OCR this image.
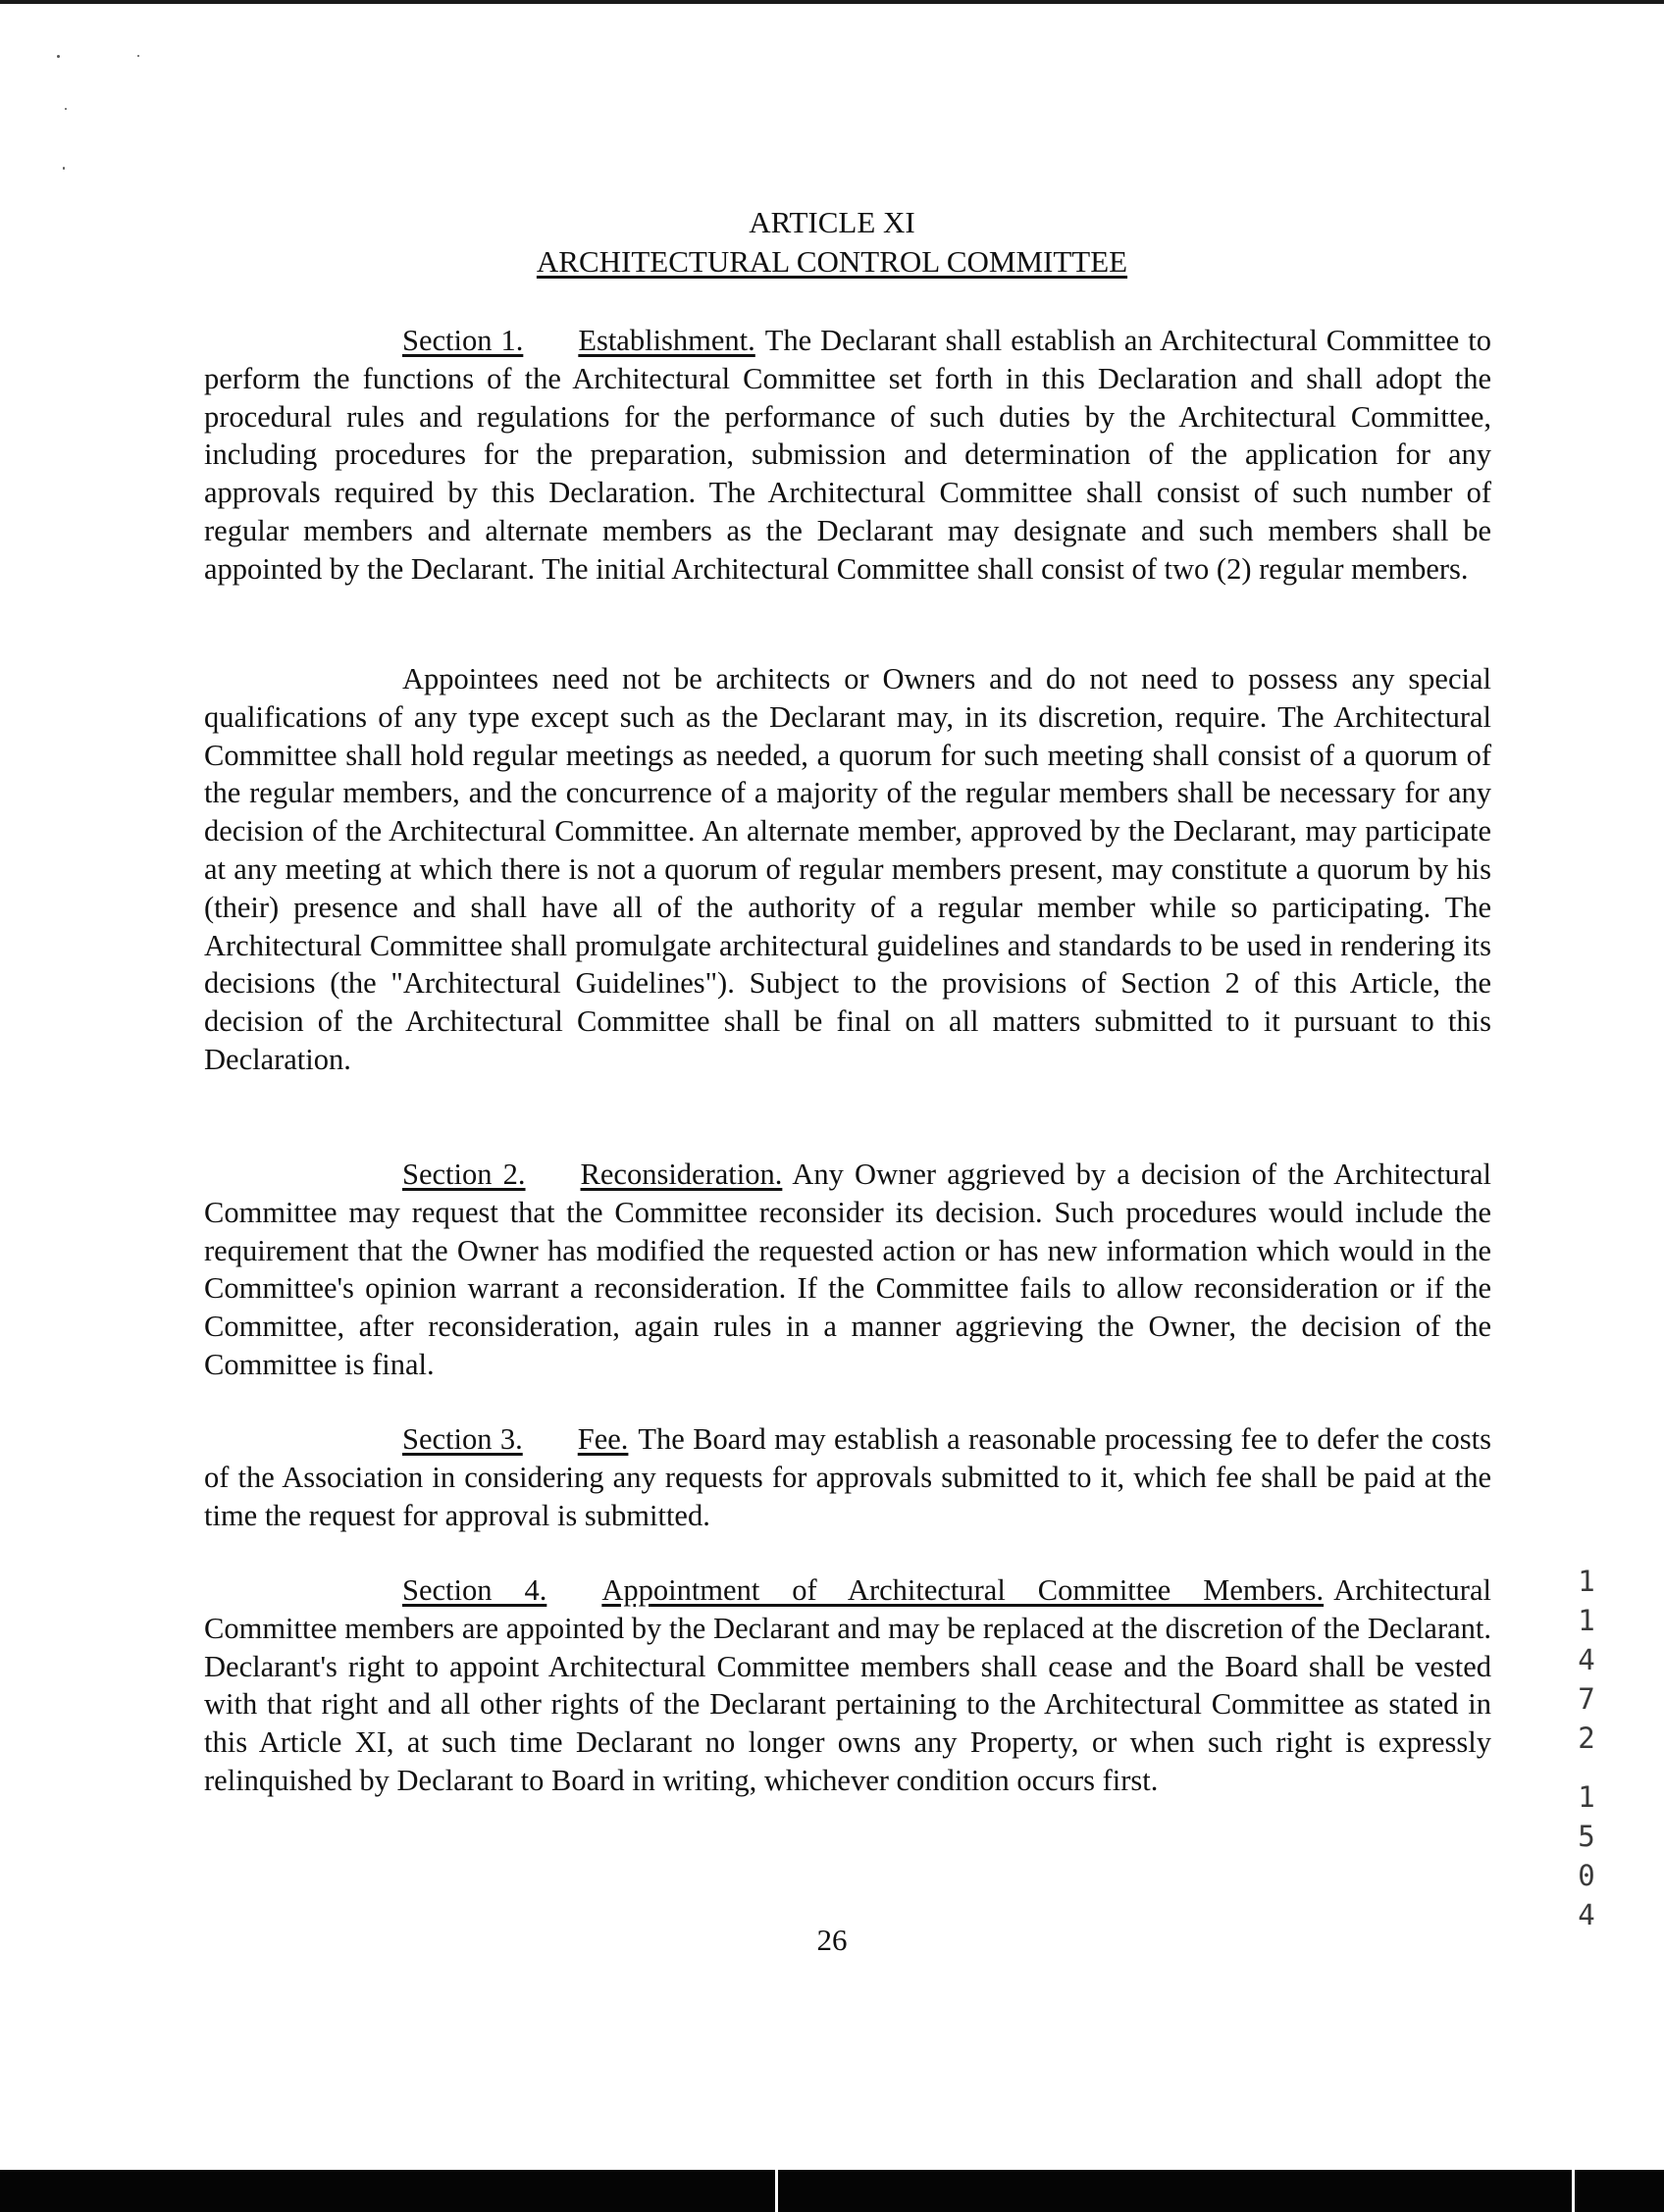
ARTICLE XI
ARCHITECTURAL CONTROL COMMITTEE
Section 1. Establishment. The Declarant shall establish an Architectural Committee to perform the functions of the Architectural Committee set forth in this Declaration and shall adopt the procedural rules and regulations for the performance of such duties by the Architectural Committee, including procedures for the preparation, submission and determination of the application for any approvals required by this Declaration. The Architectural Committee shall consist of such number of regular members and alternate members as the Declarant may designate and such members shall be appointed by the Declarant. The initial Architectural Committee shall consist of two (2) regular members.
Appointees need not be architects or Owners and do not need to possess any special qualifications of any type except such as the Declarant may, in its discretion, require. The Architectural Committee shall hold regular meetings as needed, a quorum for such meeting shall consist of a quorum of the regular members, and the concurrence of a majority of the regular members shall be necessary for any decision of the Architectural Committee. An alternate member, approved by the Declarant, may participate at any meeting at which there is not a quorum of regular members present, may constitute a quorum by his (their) presence and shall have all of the authority of a regular member while so participating. The Architectural Committee shall promulgate architectural guidelines and standards to be used in rendering its decisions (the "Architectural Guidelines"). Subject to the provisions of Section 2 of this Article, the decision of the Architectural Committee shall be final on all matters submitted to it pursuant to this Declaration.
Section 2. Reconsideration. Any Owner aggrieved by a decision of the Architectural Committee may request that the Committee reconsider its decision. Such procedures would include the requirement that the Owner has modified the requested action or has new information which would in the Committee's opinion warrant a reconsideration. If the Committee fails to allow reconsideration or if the Committee, after reconsideration, again rules in a manner aggrieving the Owner, the decision of the Committee is final.
Section 3. Fee. The Board may establish a reasonable processing fee to defer the costs of the Association in considering any requests for approvals submitted to it, which fee shall be paid at the time the request for approval is submitted.
Section 4. Appointment of Architectural Committee Members. Architectural Committee members are appointed by the Declarant and may be replaced at the discretion of the Declarant. Declarant's right to appoint Architectural Committee members shall cease and the Board shall be vested with that right and all other rights of the Declarant pertaining to the Architectural Committee as stated in this Article XI, at such time Declarant no longer owns any Property, or when such right is expressly relinquished by Declarant to Board in writing, whichever condition occurs first.
26
1
1
4
7
2
1
5
0
4
